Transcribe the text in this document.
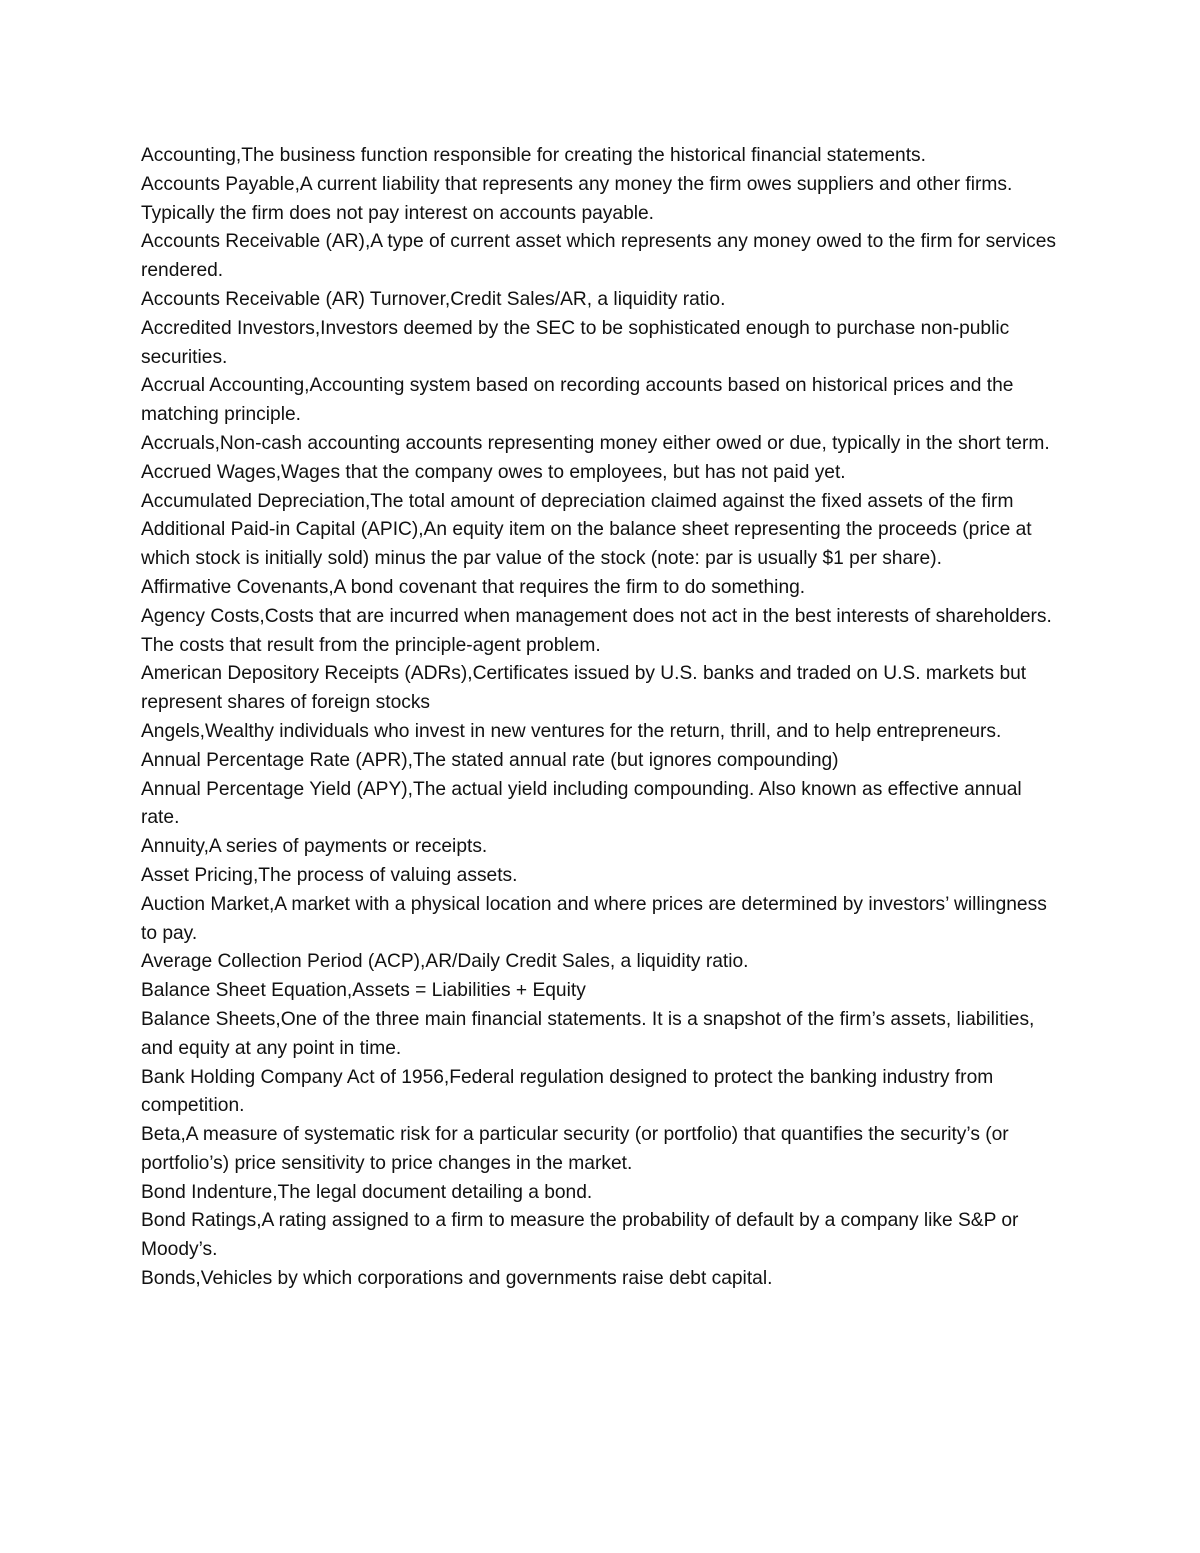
Accounting,The business function responsible for creating the historical financial statements.

Accounts Payable,A current liability that represents any money the firm owes suppliers and other firms. Typically the firm does not pay interest on accounts payable.

Accounts Receivable (AR),A type of current asset which represents any money owed to the firm for services rendered.

Accounts Receivable (AR) Turnover,Credit Sales/AR, a liquidity ratio.

Accredited Investors,Investors deemed by the SEC to be sophisticated enough to purchase non-public securities.

Accrual Accounting,Accounting system based on recording accounts based on historical prices and the matching principle.

Accruals,Non-cash accounting accounts representing money either owed or due, typically in the short term.

Accrued Wages,Wages that the company owes to employees, but has not paid yet.

Accumulated Depreciation,The total amount of depreciation claimed against the fixed assets of the firm

Additional Paid-in Capital (APIC),An equity item on the balance sheet representing the proceeds (price at which stock is initially sold) minus the par value of the stock (note: par is usually $1 per share).

Affirmative Covenants,A bond covenant that requires the firm to do something.

Agency Costs,Costs that are incurred when management does not act in the best interests of shareholders. The costs that result from the principle-agent problem.

American Depository Receipts (ADRs),Certificates issued by U.S. banks and traded on U.S. markets but represent shares of foreign stocks

Angels,Wealthy individuals who invest in new ventures for the return, thrill, and to help entrepreneurs.

Annual Percentage Rate (APR),The stated annual rate (but ignores compounding)

Annual Percentage Yield (APY),The actual yield including compounding. Also known as effective annual rate.

Annuity,A series of payments or receipts.

Asset Pricing,The process of valuing assets.

Auction Market,A market with a physical location and where prices are determined by investors’ willingness to pay.

Average Collection Period (ACP),AR/Daily Credit Sales, a liquidity ratio.

Balance Sheet Equation,Assets = Liabilities + Equity

Balance Sheets,One of the three main financial statements. It is a snapshot of the firm’s assets, liabilities, and equity at any point in time.

Bank Holding Company Act of 1956,Federal regulation designed to protect the banking industry from competition.

Beta,A measure of systematic risk for a particular security (or portfolio) that quantifies the security’s (or portfolio’s) price sensitivity to price changes in the market.

Bond Indenture,The legal document detailing a bond.

Bond Ratings,A rating assigned to a firm to measure the probability of default by a company like S&P or Moody’s.

Bonds,Vehicles by which corporations and governments raise debt capital.
